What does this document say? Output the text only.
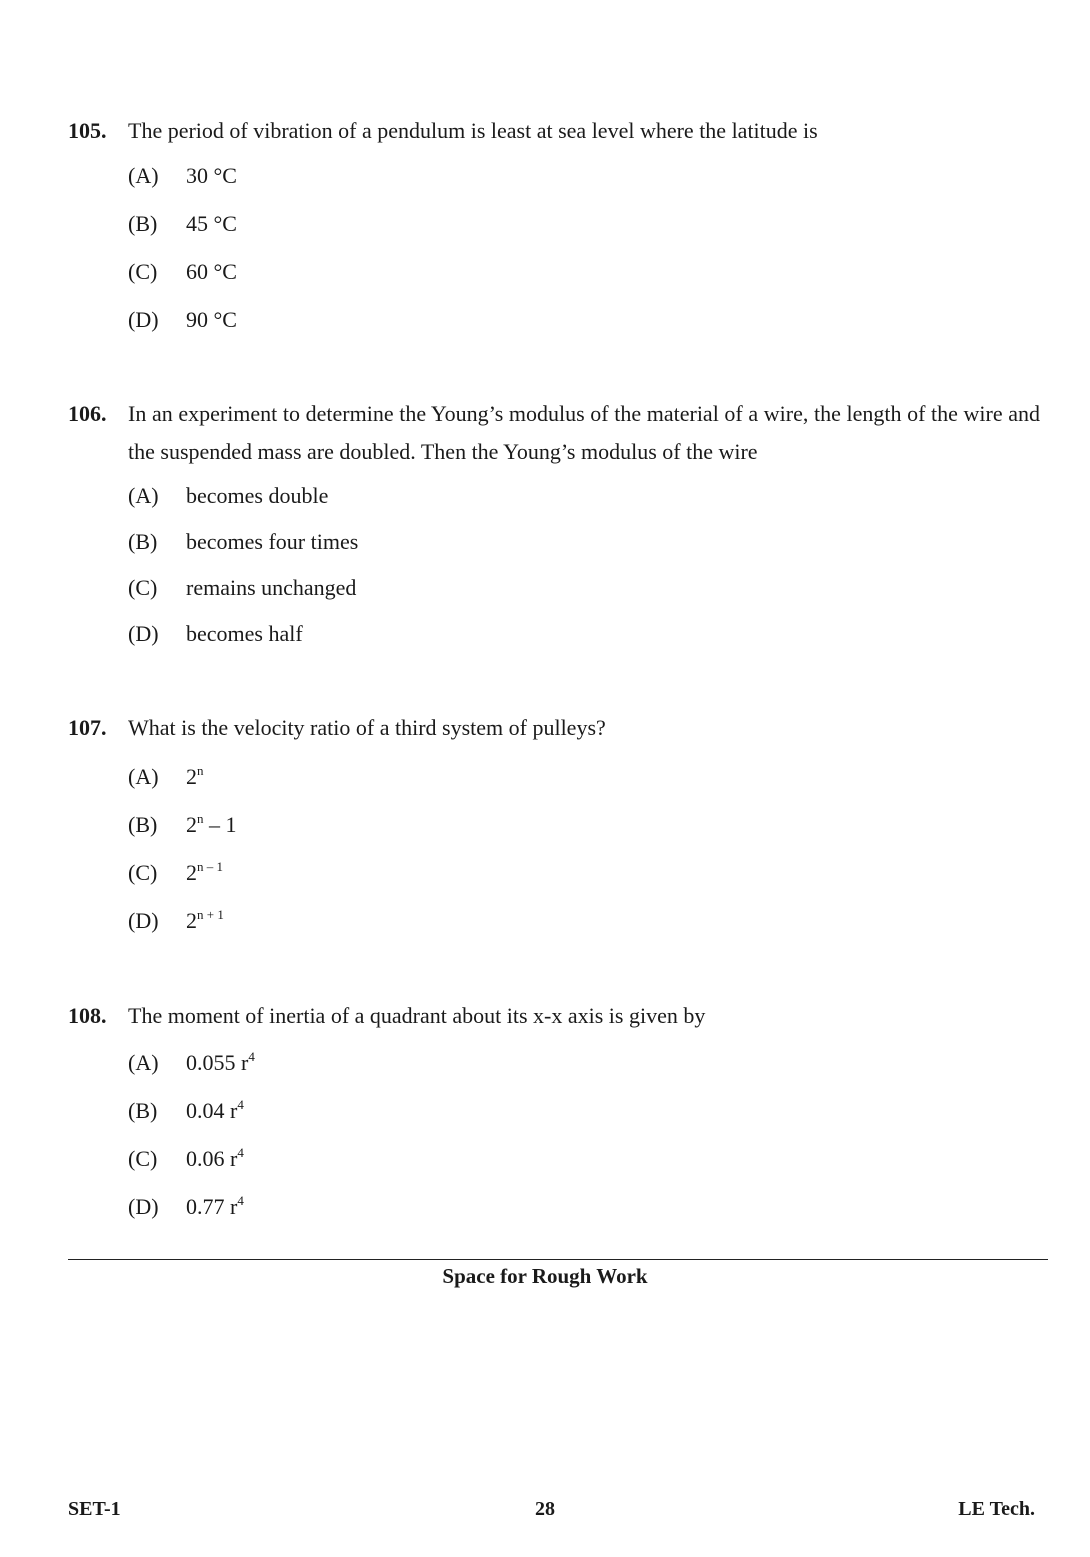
105. The period of vibration of a pendulum is least at sea level where the latitude is
(A)	30 °C
(B)	45 °C
(C)	60 °C
(D)	90 °C
106. In an experiment to determine the Young’s modulus of the material of a wire, the length of the wire and the suspended mass are doubled. Then the Young’s modulus of the wire
(A)	becomes double
(B)	becomes four times
(C)	remains unchanged
(D)	becomes half
107. What is the velocity ratio of a third system of pulleys?
(A)	2$^n$
(B)	2$^n$ – 1
(C)	2$^{n - 1}$
(D)	$2^{n + 1}$
108. The moment of inertia of a quadrant about its x-x axis is given by
(A)	0.055 $r^4$
(B)	0.04 $r^4$
(C)	0.06 $r^4$
(D)	0.77 $r^4$
Space for Rough Work
SET-1	28	LE Tech.
